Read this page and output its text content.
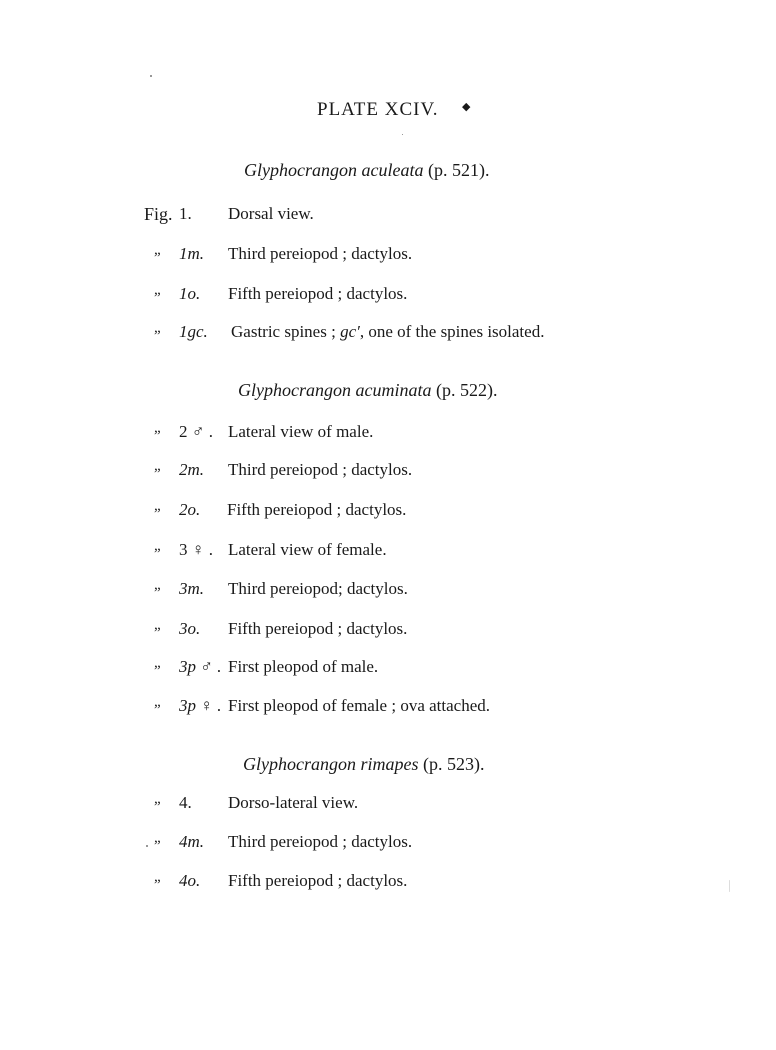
PLATE XCIV. ◆
Glyphocrangon aculeata (p. 521).
Fig. 1. Dorsal view.
” 1m. Third pereiopod ; dactylos.
” 1o. Fifth pereiopod ; dactylos.
” 1gc. Gastric spines ; gc′, one of the spines isolated.
Glyphocrangon acuminata (p. 522).
” 2 ♂ . Lateral view of male.
” 2m. Third pereiopod ; dactylos.
” 2o. Fifth pereiopod ; dactylos.
” 3 ♀ . Lateral view of female.
” 3m. Third pereiopod; dactylos.
” 3o. Fifth pereiopod ; dactylos.
” 3p ♂ . First pleopod of male.
” 3p ♀ . First pleopod of female ; ova attached.
Glyphocrangon rimapes (p. 523).
” 4. Dorso-lateral view.
” 4m. Third pereiopod ; dactylos.
” 4o. Fifth pereiopod ; dactylos.
